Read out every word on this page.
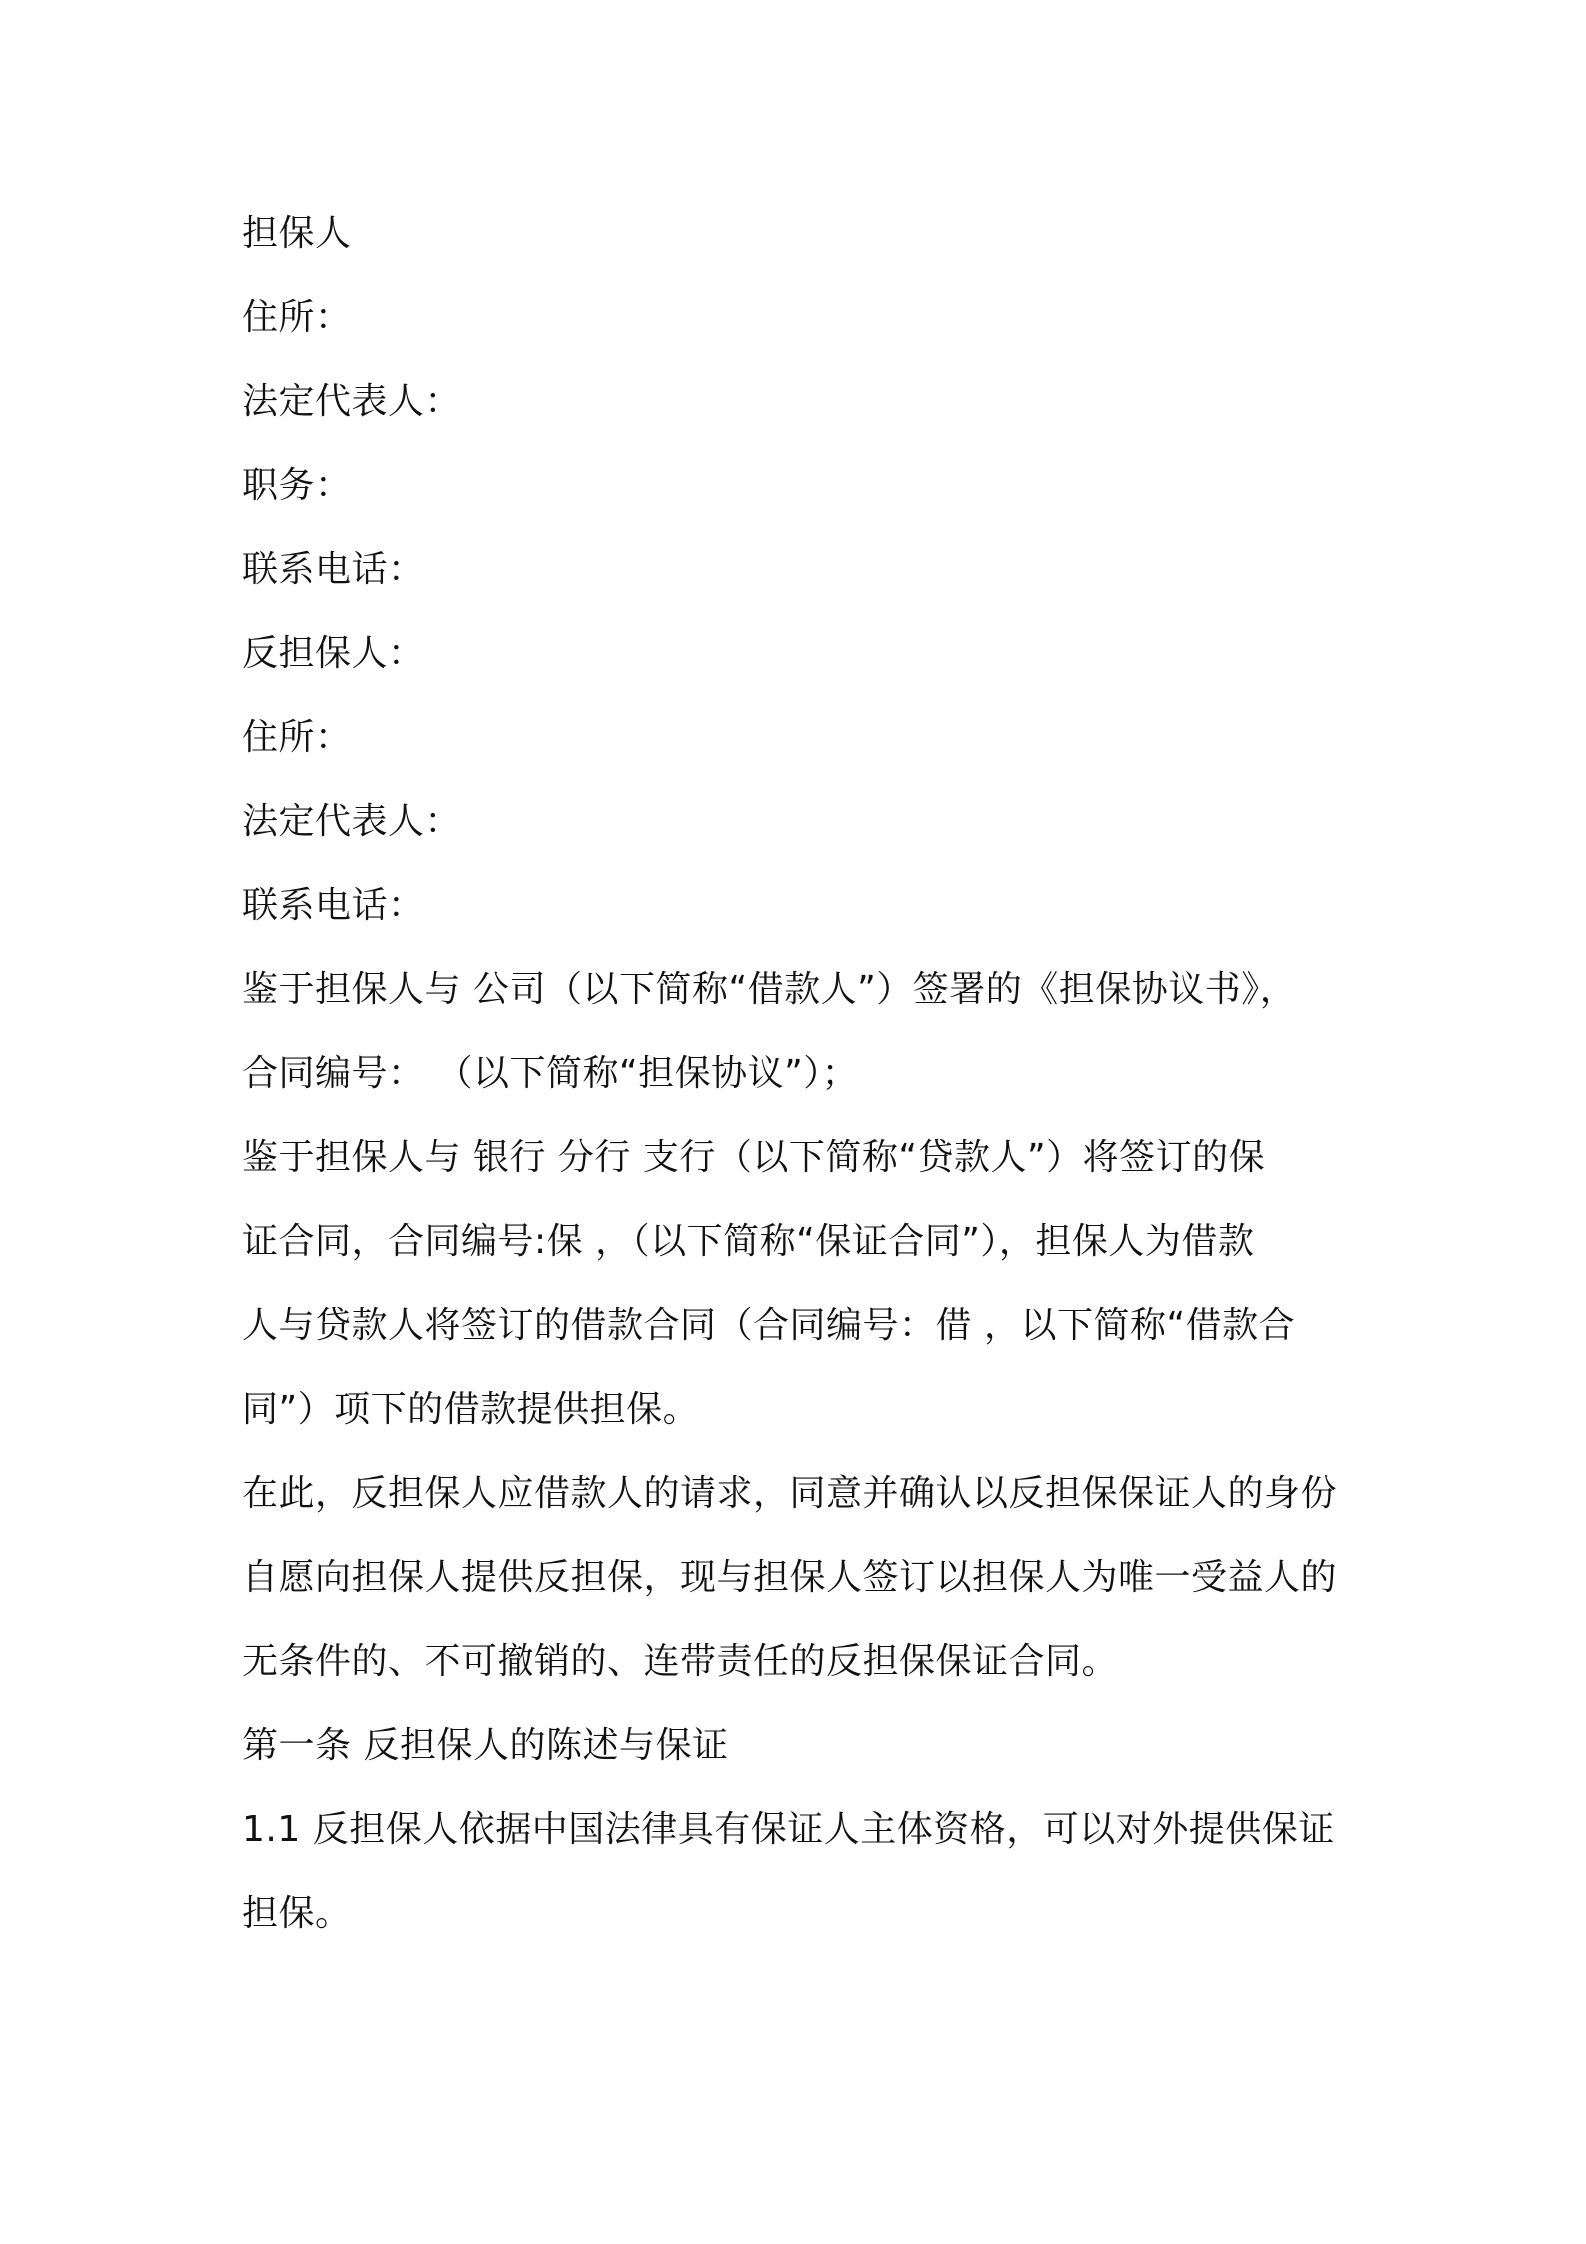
担保人
住所：
法定代表人：
职务：
联系电话：
反担保人：
住所：
法定代表人：
联系电话：
鉴于担保人与 公司（以下简称“借款人”）签署的《担保协议书》，
合同编号： （以下简称“担保协议”）；
鉴于担保人与 银行 分行 支行（以下简称“贷款人”）将签订的保
证合同，合同编号:保 ，（以下简称“保证合同”），担保人为借款
人与贷款人将签订的借款合同（合同编号：借 ，以下简称“借款合
同”）项下的借款提供担保。
在此，反担保人应借款人的请求，同意并确认以反担保保证人的身份
自愿向担保人提供反担保，现与担保人签订以担保人为唯一受益人的
无条件的、不可撤销的、连带责任的反担保保证合同。
第一条 反担保人的陈述与保证
1.1 反担保人依据中国法律具有保证人主体资格，可以对外提供保证
担保。
